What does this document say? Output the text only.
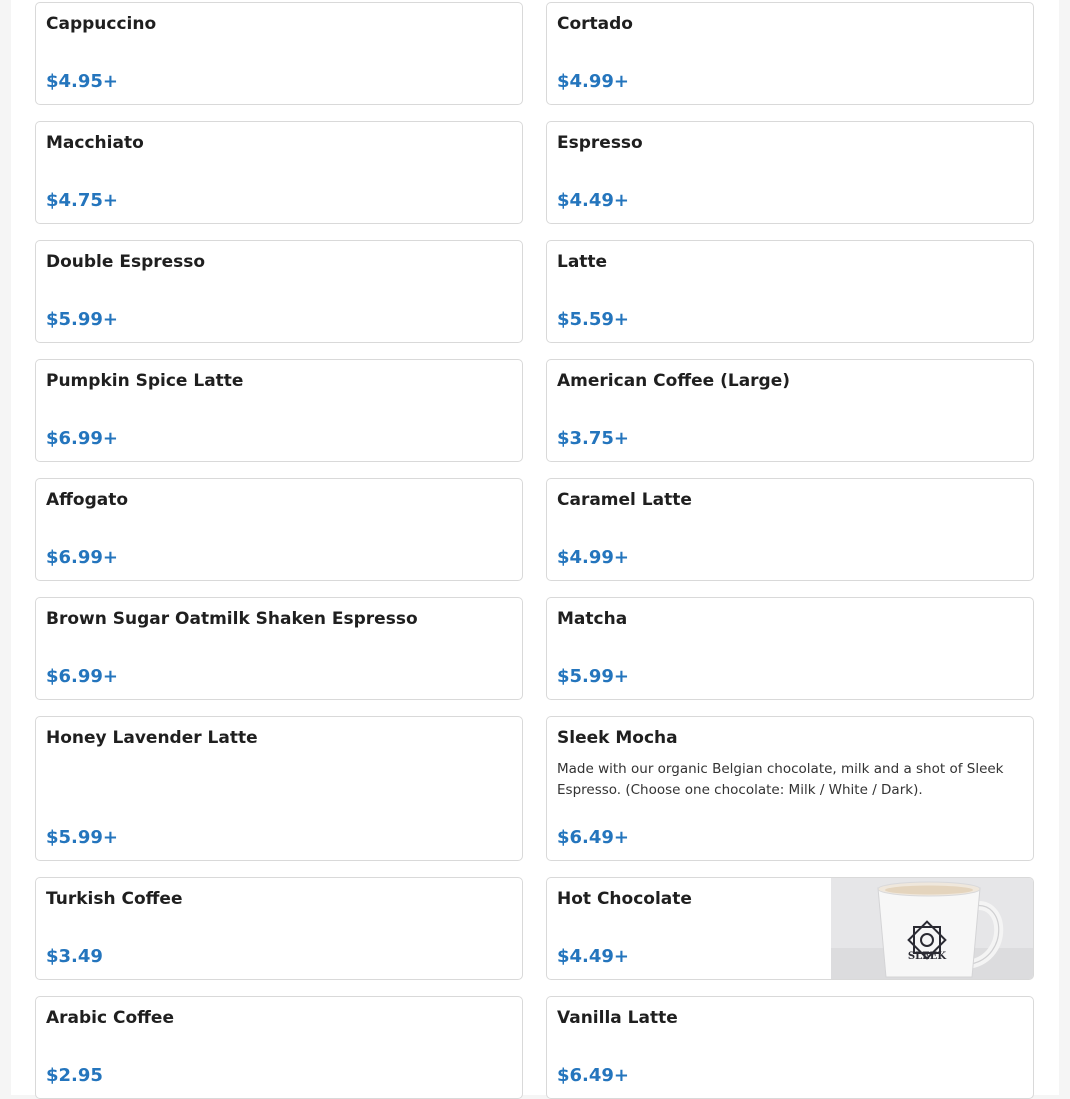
Cappuccino
$4.95+
Cortado
$4.99+
Macchiato
$4.75+
Espresso
$4.49+
Double Espresso
$5.99+
Latte
$5.59+
Pumpkin Spice Latte
$6.99+
American Coffee (Large)
$3.75+
Affogato
$6.99+
Caramel Latte
$4.99+
Brown Sugar Oatmilk Shaken Espresso
$6.99+
Matcha
$5.99+
Honey Lavender Latte
$5.99+
Sleek Mocha
Made with our organic Belgian chocolate, milk and a shot of Sleek Espresso. (Choose one chocolate: Milk / White / Dark).
$6.49+
Turkish Coffee
$3.49
Hot Chocolate
$4.49+	SLEEK
Arabic Coffee
$2.95
Vanilla Latte
$6.49+
